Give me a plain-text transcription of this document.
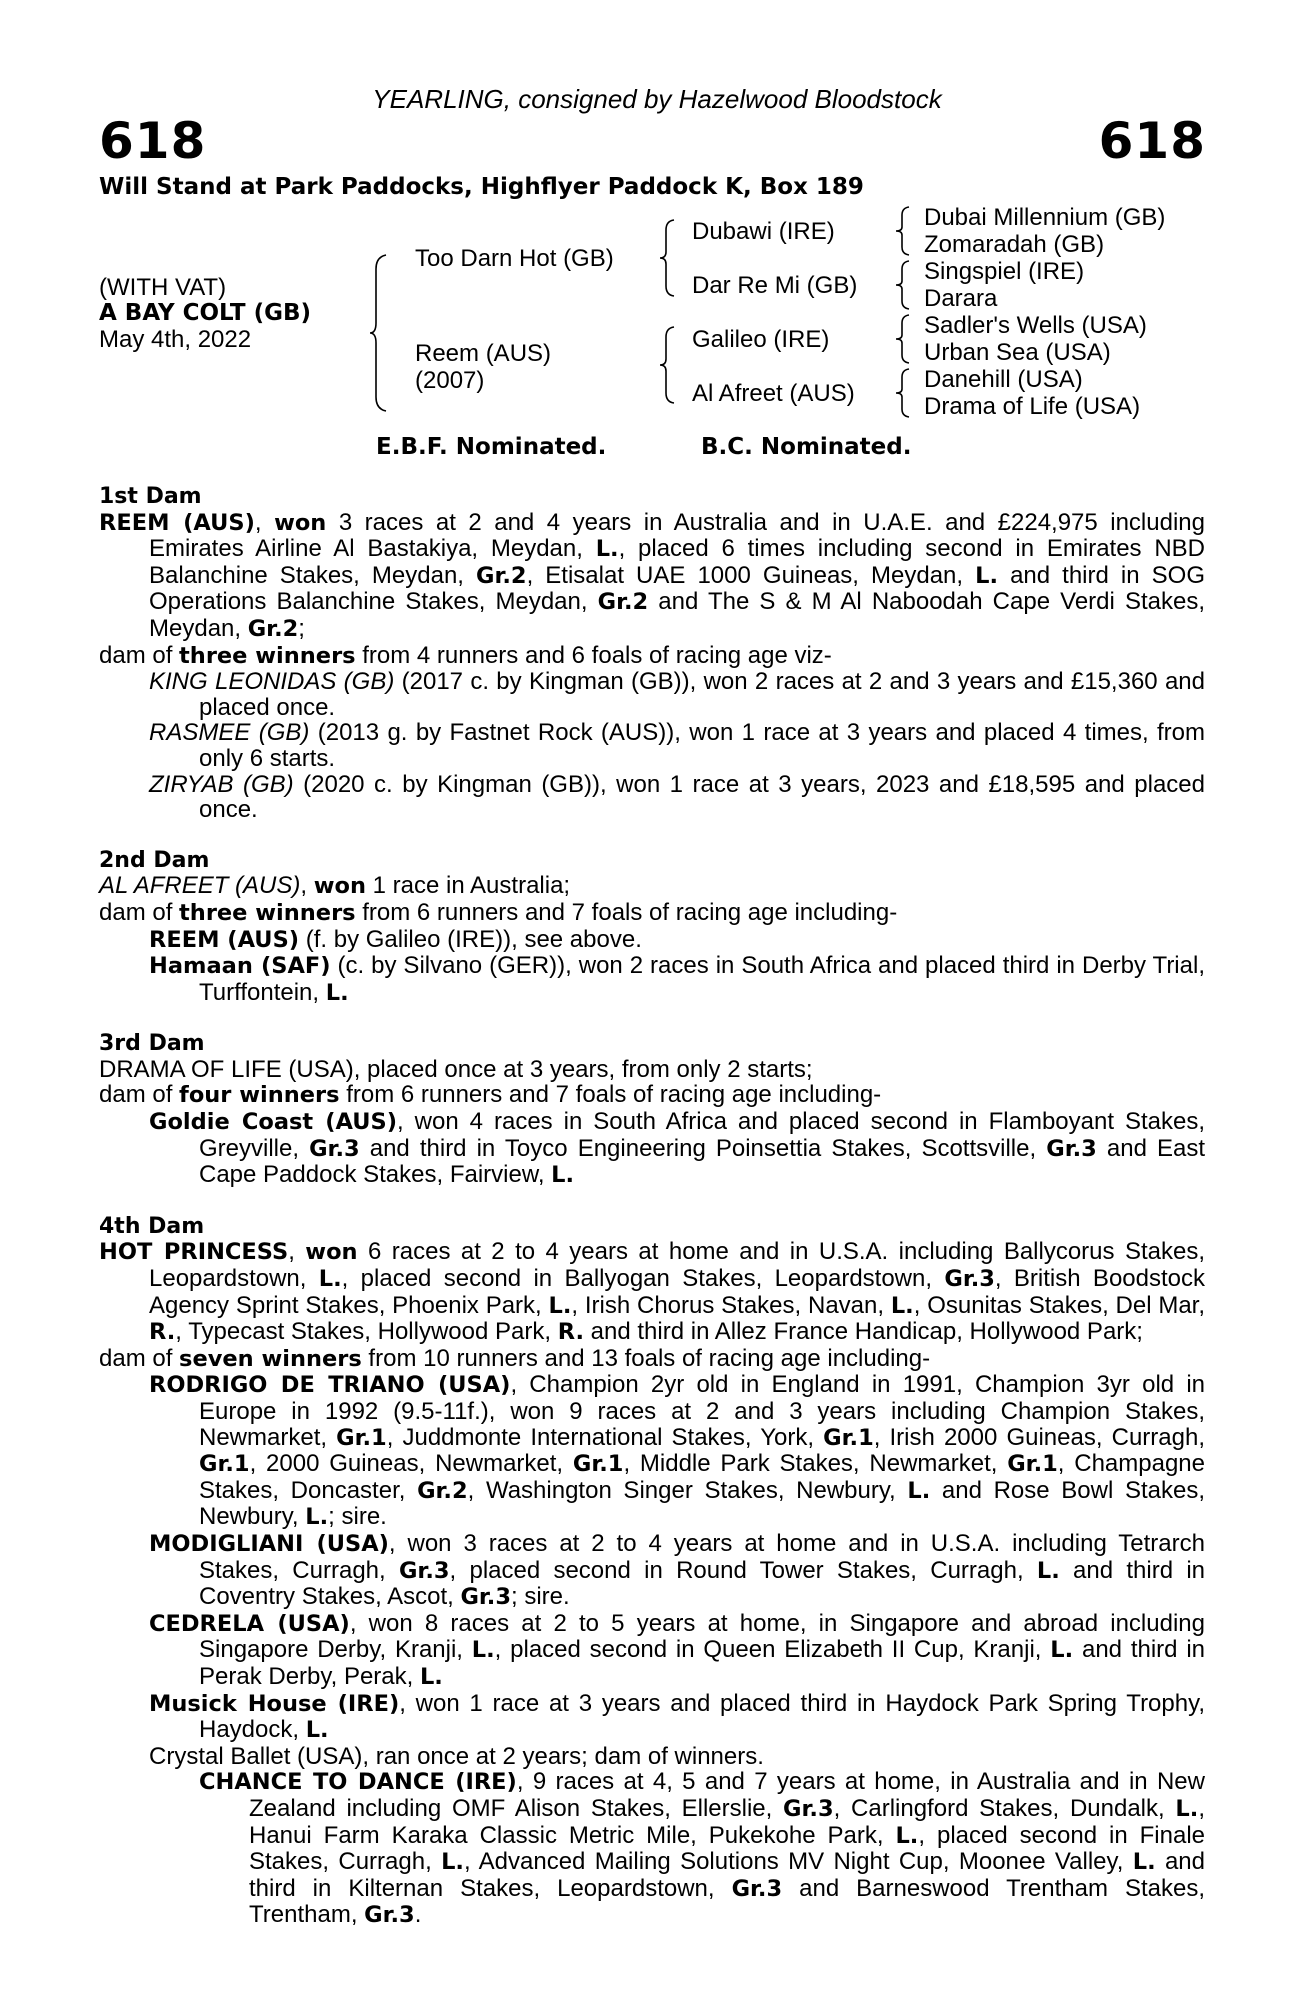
YEARLING, consigned by Hazelwood Bloodstock
618	618
Will Stand at Park Paddocks, Highflyer Paddock K, Box 189
(WITH VAT)
A BAY COLT (GB)
May 4th, 2022
Too Darn Hot (GB)
Reem (AUS)
(2007)
Dubawi (IRE)
Dar Re Mi (GB)
Galileo (IRE)
Al Afreet (AUS)
Dubai Millennium (GB)
Zomaradah (GB)
Singspiel (IRE)
Darara
Sadler's Wells (USA)
Urban Sea (USA)
Danehill (USA)
Drama of Life (USA)
E.B.F. Nominated.	B.C. Nominated.
1st Dam

REEM (AUS), won 3 races at 2 and 4 years in Australia and in U.A.E. and £224,975 including Emirates Airline Al Bastakiya, Meydan, L., placed 6 times including second in Emirates NBD Balanchine Stakes, Meydan, Gr.2, Etisalat UAE 1000 Guineas, Meydan, L. and third in SOG Operations Balanchine Stakes, Meydan, Gr.2 and The S & M Al Naboodah Cape Verdi Stakes, Meydan, Gr.2;

dam of three winners from 4 runners and 6 foals of racing age viz-

KING LEONIDAS (GB) (2017 c. by Kingman (GB)), won 2 races at 2 and 3 years and £15,360 and placed once.

RASMEE (GB) (2013 g. by Fastnet Rock (AUS)), won 1 race at 3 years and placed 4 times, from only 6 starts.

ZIRYAB (GB) (2020 c. by Kingman (GB)), won 1 race at 3 years, 2023 and £18,595 and placed once.

2nd Dam

AL AFREET (AUS), won 1 race in Australia;

dam of three winners from 6 runners and 7 foals of racing age including-

REEM (AUS) (f. by Galileo (IRE)), see above.

Hamaan (SAF) (c. by Silvano (GER)), won 2 races in South Africa and placed third in Derby Trial, Turffontein, L.

3rd Dam

DRAMA OF LIFE (USA), placed once at 3 years, from only 2 starts;

dam of four winners from 6 runners and 7 foals of racing age including-

Goldie Coast (AUS), won 4 races in South Africa and placed second in Flamboyant Stakes, Greyville, Gr.3 and third in Toyco Engineering Poinsettia Stakes, Scottsville, Gr.3 and East Cape Paddock Stakes, Fairview, L.

4th Dam

HOT PRINCESS, won 6 races at 2 to 4 years at home and in U.S.A. including Ballycorus Stakes, Leopardstown, L., placed second in Ballyogan Stakes, Leopardstown, Gr.3, British Boodstock Agency Sprint Stakes, Phoenix Park, L., Irish Chorus Stakes, Navan, L., Osunitas Stakes, Del Mar, R., Typecast Stakes, Hollywood Park, R. and third in Allez France Handicap, Hollywood Park;

dam of seven winners from 10 runners and 13 foals of racing age including-

RODRIGO DE TRIANO (USA), Champion 2yr old in England in 1991, Champion 3yr old in Europe in 1992 (9.5-11f.), won 9 races at 2 and 3 years including Champion Stakes, Newmarket, Gr.1, Juddmonte International Stakes, York, Gr.1, Irish 2000 Guineas, Curragh, Gr.1, 2000 Guineas, Newmarket, Gr.1, Middle Park Stakes, Newmarket, Gr.1, Champagne Stakes, Doncaster, Gr.2, Washington Singer Stakes, Newbury, L. and Rose Bowl Stakes, Newbury, L.; sire.

MODIGLIANI (USA), won 3 races at 2 to 4 years at home and in U.S.A. including Tetrarch Stakes, Curragh, Gr.3, placed second in Round Tower Stakes, Curragh, L. and third in Coventry Stakes, Ascot, Gr.3; sire.

CEDRELA (USA), won 8 races at 2 to 5 years at home, in Singapore and abroad including Singapore Derby, Kranji, L., placed second in Queen Elizabeth II Cup, Kranji, L. and third in Perak Derby, Perak, L.

Musick House (IRE), won 1 race at 3 years and placed third in Haydock Park Spring Trophy, Haydock, L.

Crystal Ballet (USA), ran once at 2 years; dam of winners.

CHANCE TO DANCE (IRE), 9 races at 4, 5 and 7 years at home, in Australia and in New Zealand including OMF Alison Stakes, Ellerslie, Gr.3, Carlingford Stakes, Dundalk, L., Hanui Farm Karaka Classic Metric Mile, Pukekohe Park, L., placed second in Finale Stakes, Curragh, L., Advanced Mailing Solutions MV Night Cup, Moonee Valley, L. and third in Kilternan Stakes, Leopardstown, Gr.3 and Barneswood Trentham Stakes, Trentham, Gr.3.
